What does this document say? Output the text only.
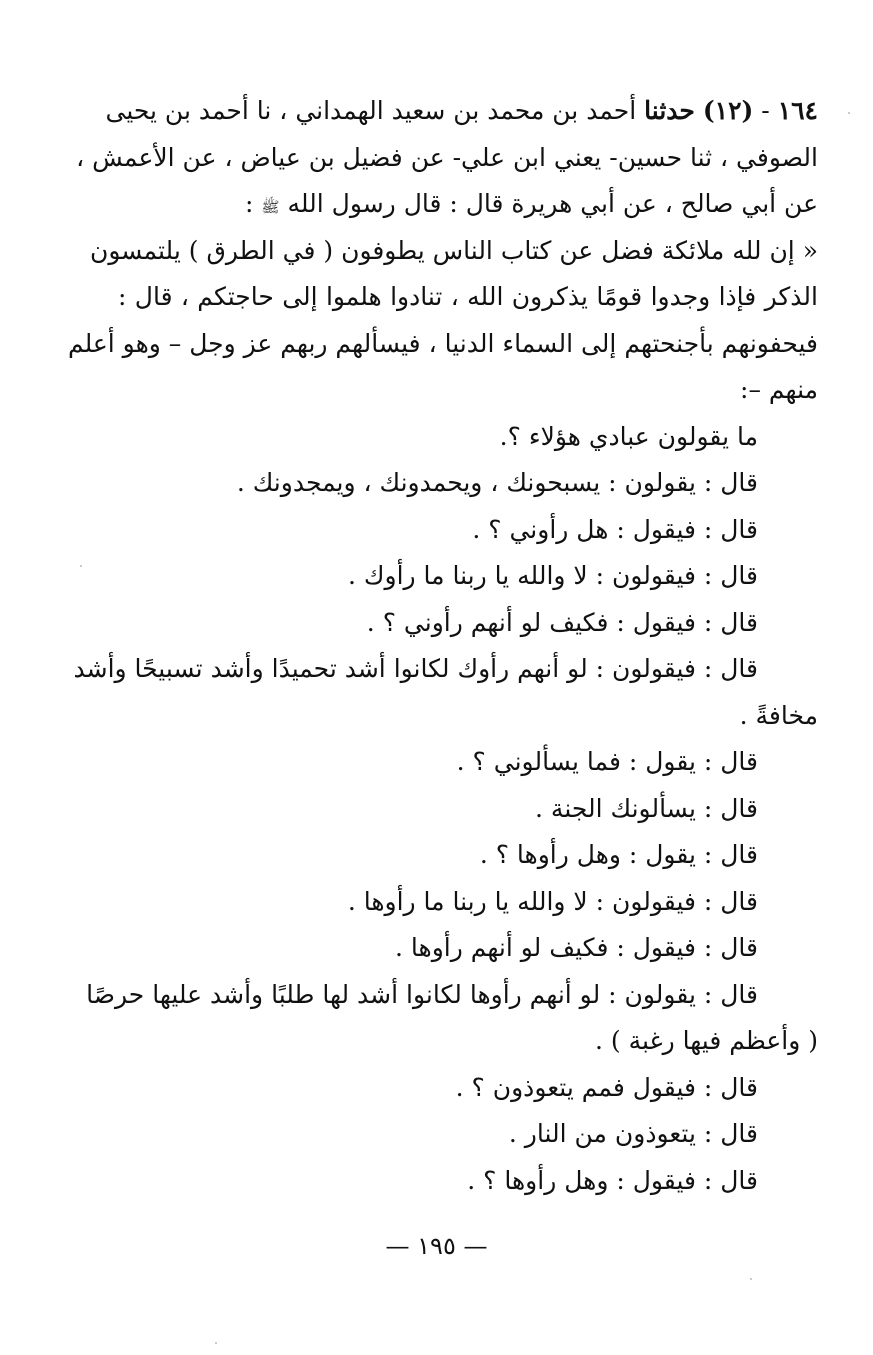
١٦٤ - (١٢) حدثنا أحمد بن محمد بن سعيد الهمداني ، نا أحمد بن يحيى
الصوفي ، ثنا حسين- يعني ابن علي- عن فضيل بن عياض ، عن الأعمش ،
عن أبي صالح ، عن أبي هريرة قال : قال رسول الله ﷺ :
« إن لله ملائكة فضل عن كتاب الناس يطوفون ( في الطرق ) يلتمسون
الذكر فإذا وجدوا قومًا يذكرون الله ، تنادوا هلموا إلى حاجتكم ، قال :
فيحفونهم بأجنحتهم إلى السماء الدنيا ، فيسألهم ربهم عز وجل – وهو أعلم
منهم –:
ما يقولون عبادي هؤلاء ؟.
قال : يقولون : يسبحونك ، ويحمدونك ، ويمجدونك .
قال : فيقول : هل رأوني ؟ .
قال : فيقولون : لا والله يا ربنا ما رأوك .
قال : فيقول : فكيف لو أنهم رأوني ؟ .
قال : فيقولون : لو أنهم رأوك لكانوا أشد تحميدًا وأشد تسبيحًا وأشد
مخافةً .
قال : يقول : فما يسألوني ؟ .
قال : يسألونك الجنة .
قال : يقول : وهل رأوها ؟ .
قال : فيقولون : لا والله يا ربنا ما رأوها .
قال : فيقول : فكيف لو أنهم رأوها .
قال : يقولون : لو أنهم رأوها لكانوا أشد لها طلبًا وأشد عليها حرصًا
( وأعظم فيها رغبة ) .
قال : فيقول فمم يتعوذون ؟ .
قال : يتعوذون من النار .
قال : فيقول : وهل رأوها ؟ .
— ١٩٥ —
